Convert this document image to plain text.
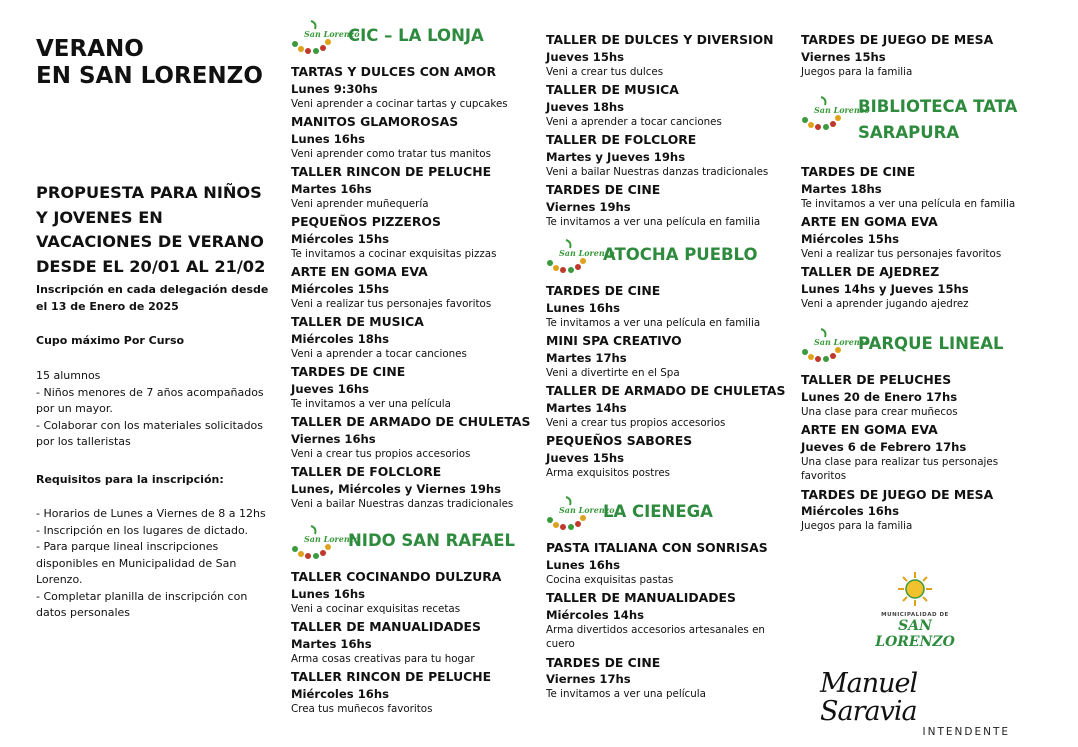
VERANO
EN SAN LORENZO
PROPUESTA PARA NIÑOS Y JOVENES EN VACACIONES DE VERANO DESDE EL 20/01 AL 21/02
Inscripción en cada delegación desde el 13 de Enero de 2025
Cupo máximo Por Curso
15 alumnos
- Niños menores de 7 años acompañados por un mayor.
- Colaborar con los materiales solicitados por los talleristas
Requisitos para la inscripción:
- Horarios de Lunes a Viernes de 8 a 12hs
- Inscripción en los lugares de dictado.
- Para parque lineal inscripciones disponibles en Municipalidad de San Lorenzo.
- Completar planilla de inscripción con datos personales
San Lorenzo
CIC – LA LONJA
TARTAS Y DULCES CON AMOR
Lunes 9:30hs
Veni aprender a cocinar tartas y cupcakes
MANITOS GLAMOROSAS
Lunes 16hs
Veni aprender como tratar tus manitos
TALLER RINCON DE PELUCHE
Martes 16hs
Veni aprender muñequería
PEQUEÑOS PIZZEROS
Miércoles 15hs
Te invitamos a cocinar exquisitas pizzas
ARTE EN GOMA EVA
Miércoles 15hs
Veni a realizar tus personajes favoritos
TALLER DE MUSICA
Miércoles 18hs
Veni a aprender a tocar canciones
TARDES DE CINE
Jueves 16hs
Te invitamos a ver una película
TALLER DE ARMADO DE CHULETAS
Viernes 16hs
Veni a crear tus propios accesorios
TALLER DE FOLCLORE
Lunes, Miércoles y Viernes 19hs
Veni a bailar Nuestras danzas tradicionales
San Lorenzo
NIDO SAN RAFAEL
TALLER COCINANDO DULZURA
Lunes 16hs
Veni a cocinar exquisitas recetas
TALLER DE MANUALIDADES
Martes 16hs
Arma cosas creativas para tu hogar
TALLER RINCON DE PELUCHE
Miércoles 16hs
Crea tus muñecos favoritos
TALLER DE DULCES Y DIVERSION
Jueves 15hs
Veni a crear tus dulces
TALLER DE MUSICA
Jueves 18hs
Veni a aprender a tocar canciones
TALLER DE FOLCLORE
Martes y Jueves 19hs
Veni a bailar Nuestras danzas tradicionales
TARDES DE CINE
Viernes 19hs
Te invitamos a ver una película en familia
San Lorenzo
ATOCHA PUEBLO
TARDES DE CINE
Lunes 16hs
Te invitamos a ver una película en familia
MINI SPA CREATIVO
Martes 17hs
Veni a divertirte en el Spa
TALLER DE ARMADO DE CHULETAS
Martes 14hs
Veni a crear tus propios accesorios
PEQUEÑOS SABORES
Jueves 15hs
Arma exquisitos postres
San Lorenzo
LA CIENEGA
PASTA ITALIANA CON SONRISAS
Lunes 16hs
Cocina exquisitas pastas
TALLER DE MANUALIDADES
Miércoles 14hs
Arma divertidos accesorios artesanales en cuero
TARDES DE CINE
Viernes 17hs
Te invitamos a ver una película
TARDES DE JUEGO DE MESA
Viernes 15hs
Juegos para la familia
San Lorenzo
BIBLIOTECA TATA
SARAPURA
TARDES DE CINE
Martes 18hs
Te invitamos a ver una película en familia
ARTE EN GOMA EVA
Miércoles 15hs
Veni a realizar tus personajes favoritos
TALLER DE AJEDREZ
Lunes 14hs y Jueves 15hs
Veni a aprender jugando ajedrez
San Lorenzo
PARQUE LINEAL
TALLER DE PELUCHES
Lunes 20 de Enero 17hs
Una clase para crear muñecos
ARTE EN GOMA EVA
Jueves 6 de Febrero 17hs
Una clase para realizar tus personajes favoritos
TARDES DE JUEGO DE MESA
Miércoles 16hs
Juegos para la familia
MUNICIPALIDAD DE
SAN LORENZO
Manuel Saravia
INTENDENTE
